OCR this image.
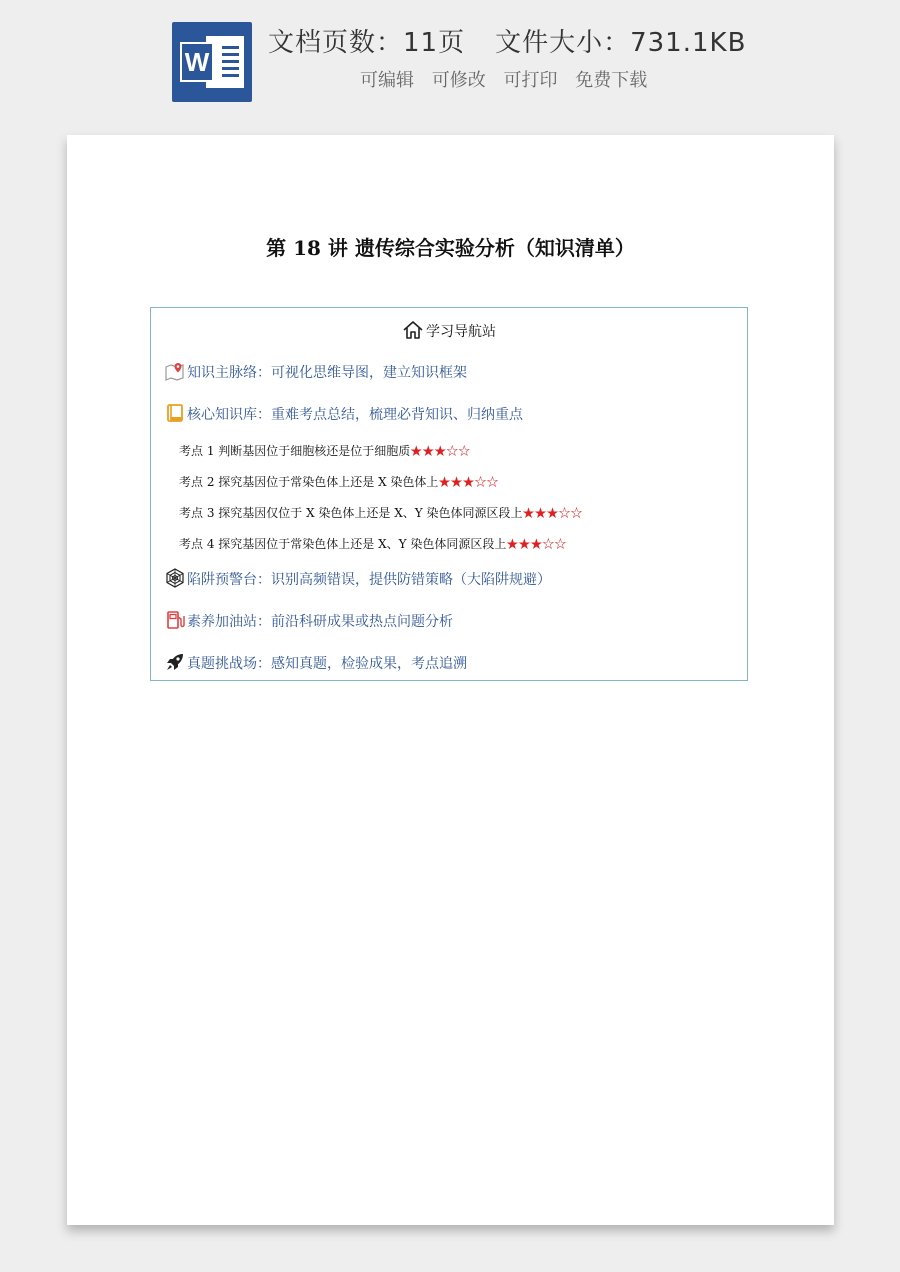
W
文档页数：11页 文件大小：731.1KB
可编辑 可修改 可打印 免费下载
第 18 讲 遗传综合实验分析（知识清单）
学习导航站
知识主脉络：可视化思维导图，建立知识框架
核心知识库：重难考点总结，梳理必背知识、归纳重点
考点 1 判断基因位于细胞核还是位于细胞质★★★☆☆
考点 2 探究基因位于常染色体上还是 X 染色体上★★★☆☆
考点 3 探究基因仅位于 X 染色体上还是 X、Y 染色体同源区段上★★★☆☆
考点 4 探究基因位于常染色体上还是 X、Y 染色体同源区段上★★★☆☆
陷阱预警台：识别高频错误，提供防错策略（大陷阱规避）
素养加油站：前沿科研成果或热点问题分析
真题挑战场：感知真题，检验成果，考点追溯
